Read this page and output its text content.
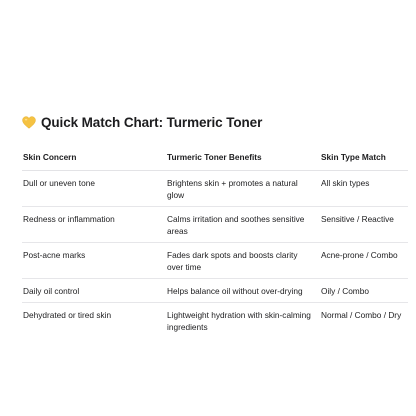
Quick Match Chart: Turmeric Toner
Skin Concern	Turmeric Toner Benefits	Skin Type Match
Dull or uneven tone	Brightens skin + promotes a natural glow	All skin types
Redness or inflammation	Calms irritation and soothes sensitive areas	Sensitive / Reactive
Post-acne marks	Fades dark spots and boosts clarity over time	Acne-prone / Combo
Daily oil control	Helps balance oil without over-drying	Oily / Combo
Dehydrated or tired skin	Lightweight hydration with skin-calming ingredients	Normal / Combo / Dry
